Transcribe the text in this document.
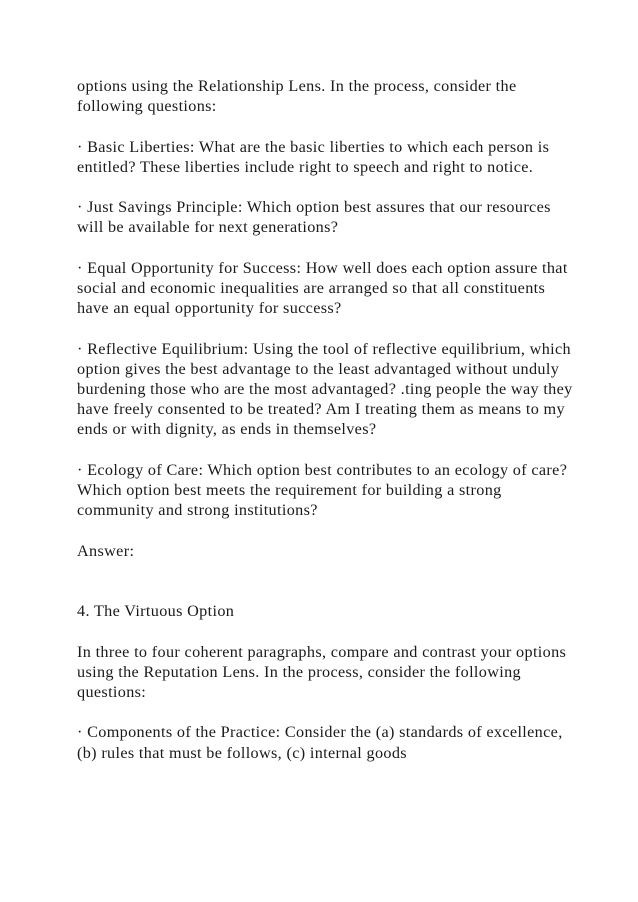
options using the Relationship Lens. In the process, consider the following questions:

· Basic Liberties: What are the basic liberties to which each person is entitled? These liberties include right to speech and right to notice.

· Just Savings Principle: Which option best assures that our resources will be available for next generations?

· Equal Opportunity for Success: How well does each option assure that social and economic inequalities are arranged so that all constituents have an equal opportunity for success?

· Reflective Equilibrium: Using the tool of reflective equilibrium, which option gives the best advantage to the least advantaged without unduly burdening those who are the most advantaged? .ting people the way they have freely consented to be treated? Am I treating them as means to my ends or with dignity, as ends in themselves?

· Ecology of Care: Which option best contributes to an ecology of care? Which option best meets the requirement for building a strong community and strong institutions?

Answer:

4. The Virtuous Option

In three to four coherent paragraphs, compare and contrast your options using the Reputation Lens. In the process, consider the following questions:

· Components of the Practice: Consider the (a) standards of excellence, (b) rules that must be follows, (c) internal goods
